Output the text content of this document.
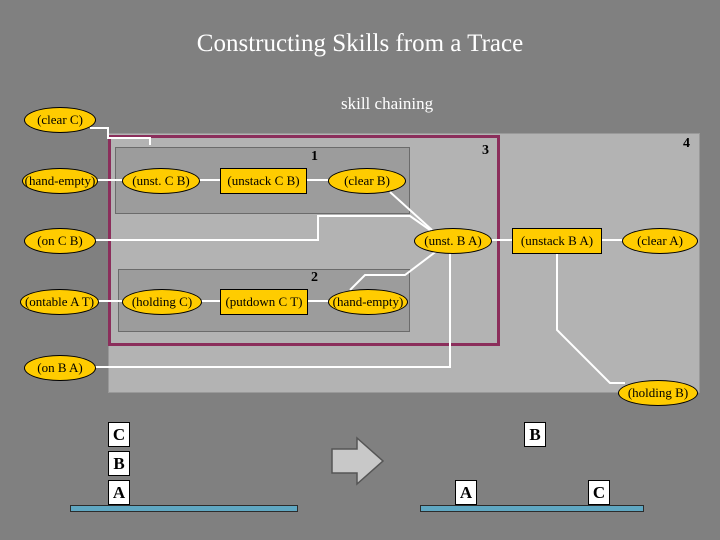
Constructing Skills from a Trace
skill chaining
4
3
1
2
(clear C)
(hand-empty)	(unst. C B)	(unstack C B)	(clear B)
(on C B)	(unst. B A)	(unstack B A)	(clear A)
(ontable A T)	(holding C)	(putdown C T)	(hand-empty)
(on B A)
(holding B)
C
B
A
B
A	C
